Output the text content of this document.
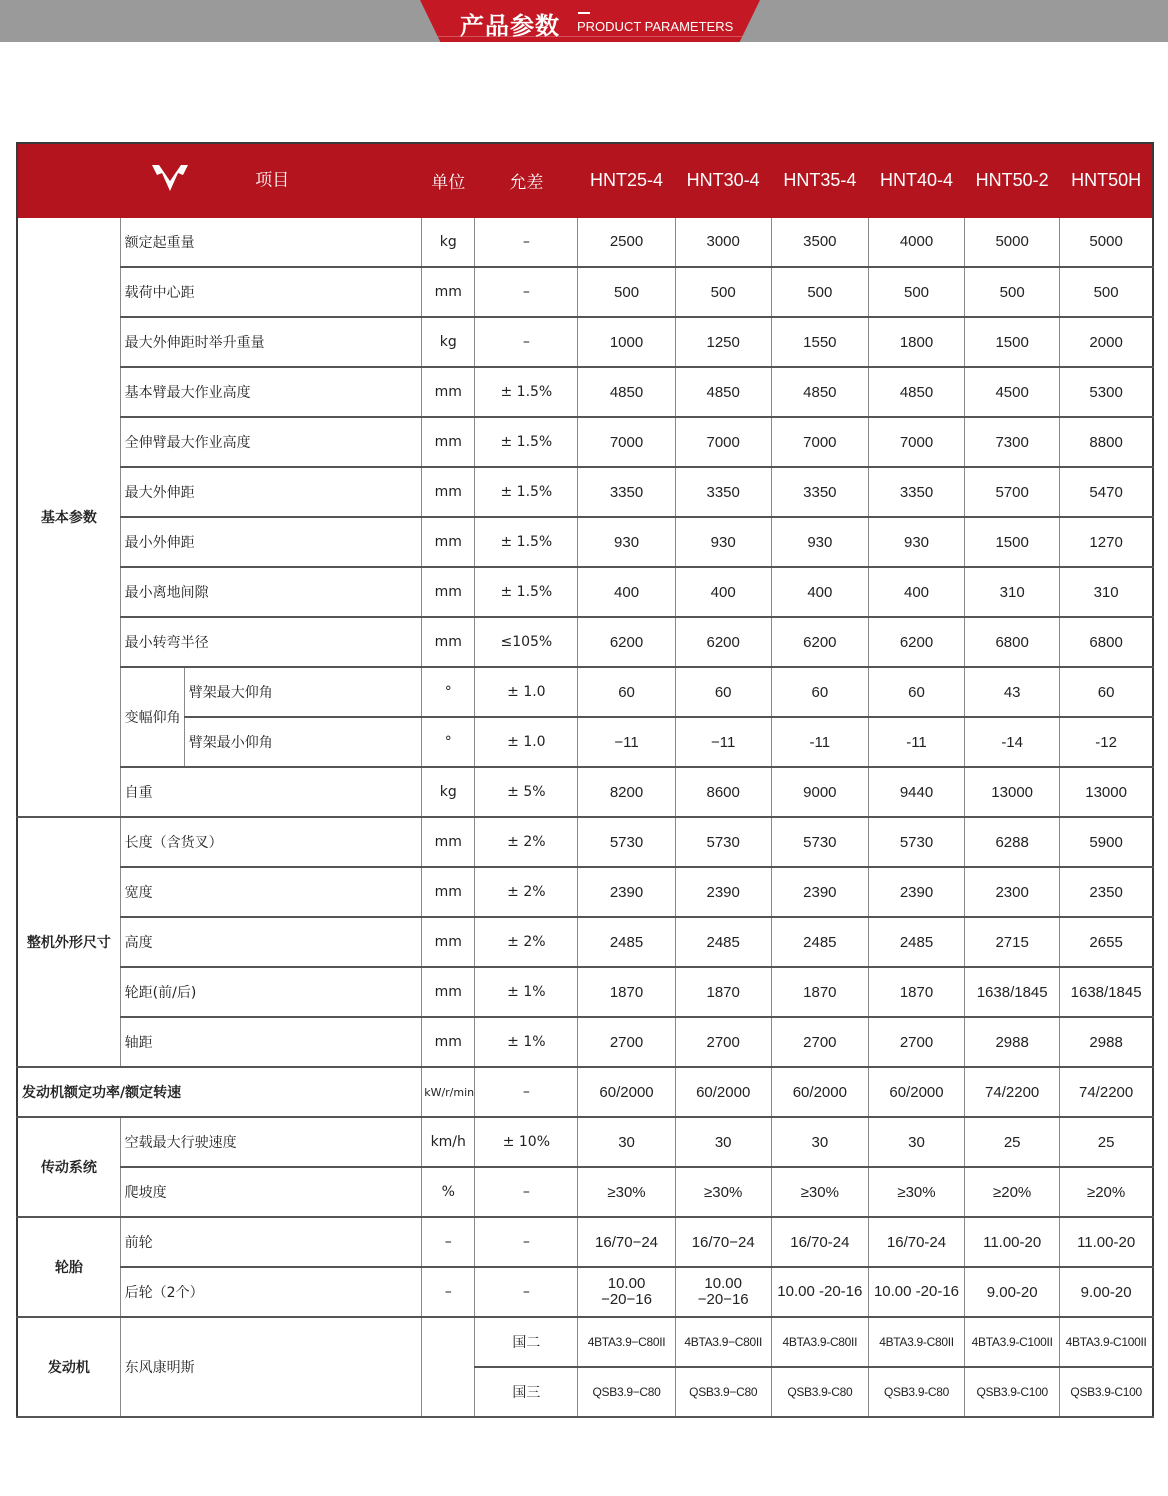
产品参数 PRODUCT PARAMETERS
项目			单位	允差	HNT25-4	HNT30-4	HNT35-4	HNT40-4	HNT50-2	HNT50H
基本参数	额定起重量		kg	–	2500	3000	3500	4000	5000	5000
	载荷中心距		mm	–	500	500	500	500	500	500
	最大外伸距时举升重量		kg	–	1000	1250	1550	1800	1500	2000
	基本臂最大作业高度		mm	± 1.5%	4850	4850	4850	4850	4500	5300
	全伸臂最大作业高度		mm	± 1.5%	7000	7000	7000	7000	7300	8800
	最大外伸距		mm	± 1.5%	3350	3350	3350	3350	5700	5470
	最小外伸距		mm	± 1.5%	930	930	930	930	1500	1270
	最小离地间隙		mm	± 1.5%	400	400	400	400	310	310
	最小转弯半径		mm	≤105%	6200	6200	6200	6200	6800	6800
	变幅仰角	臂架最大仰角	°	± 1.0	60	60	60	60	43	60
		臂架最小仰角	°	± 1.0	−11	−11	-11	-11	-14	-12
	自重		kg	± 5%	8200	8600	9000	9440	13000	13000
整机外形尺寸	长度（含货叉）		mm	± 2%	5730	5730	5730	5730	6288	5900
	宽度		mm	± 2%	2390	2390	2390	2390	2300	2350
	高度		mm	± 2%	2485	2485	2485	2485	2715	2655
	轮距(前/后)		mm	± 1%	1870	1870	1870	1870	1638/1845	1638/1845
	轴距		mm	± 1%	2700	2700	2700	2700	2988	2988
发动机额定功率/额定转速			kW/r/min	–	60/2000	60/2000	60/2000	60/2000	74/2200	74/2200
传动系统	空载最大行驶速度		km/h	± 10%	30	30	30	30	25	25
	爬坡度		%	–	≥30%	≥30%	≥30%	≥30%	≥20%	≥20%
轮胎	前轮		–	–	16/70−24	16/70−24	16/70-24	16/70-24	11.00-20	11.00-20
	后轮（2个）		–	–	10.00 −20−16	10.00 −20−16	10.00 -20-16	10.00 -20-16	9.00-20	9.00-20
发动机	东风康明斯			国二	4BTA3.9−C80II	4BTA3.9−C80II	4BTA3.9-C80II	4BTA3.9-C80II	4BTA3.9-C100II	4BTA3.9-C100II
				国三	QSB3.9−C80	QSB3.9−C80	QSB3.9-C80	QSB3.9-C80	QSB3.9-C100	QSB3.9-C100
